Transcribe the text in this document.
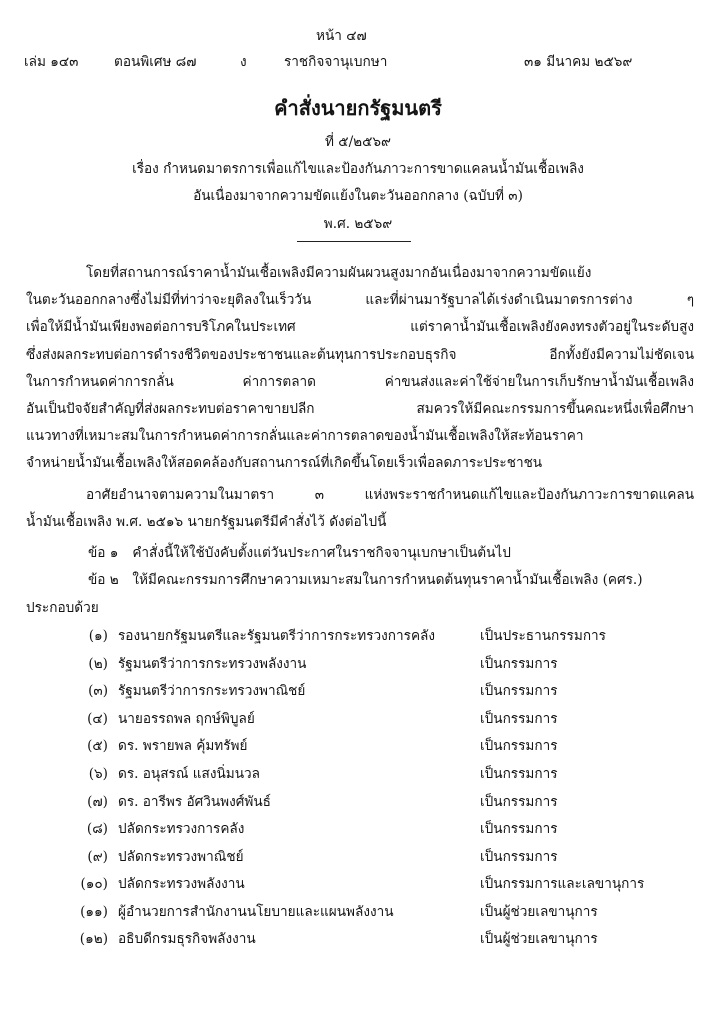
หน้า ๔๗
เล่ม ๑๔๓	ตอนพิเศษ ๘๗	ง	ราชกิจจานุเบกษา	๓๑ มีนาคม ๒๕๖๙
คำสั่งนายกรัฐมนตรี
ที่ ๕/๒๕๖๙
เรื่อง กำหนดมาตรการเพื่อแก้ไขและป้องกันภาวะการขาดแคลนน้ำมันเชื้อเพลิง
อันเนื่องมาจากความขัดแย้งในตะวันออกกลาง (ฉบับที่ ๓)
พ.ศ. ๒๕๖๙
โดยที่สถานการณ์ราคาน้ำมันเชื้อเพลิงมีความผันผวนสูงมากอันเนื่องมาจากความขัดแย้ง
ในตะวันออกกลางซึ่งไม่มีที่ท่าว่าจะยุติลงในเร็ววัน และที่ผ่านมารัฐบาลได้เร่งดำเนินมาตรการต่าง ๆ
เพื่อให้มีน้ำมันเพียงพอต่อการบริโภคในประเทศ แต่ราคาน้ำมันเชื้อเพลิงยังคงทรงตัวอยู่ในระดับสูง
ซึ่งส่งผลกระทบต่อการดำรงชีวิตของประชาชนและต้นทุนการประกอบธุรกิจ อีกทั้งยังมีความไม่ชัดเจน
ในการกำหนดค่าการกลั่น ค่าการตลาด ค่าขนส่งและค่าใช้จ่ายในการเก็บรักษาน้ำมันเชื้อเพลิง
อันเป็นปัจจัยสำคัญที่ส่งผลกระทบต่อราคาขายปลีก สมควรให้มีคณะกรรมการขึ้นคณะหนึ่งเพื่อศึกษา
แนวทางที่เหมาะสมในการกำหนดค่าการกลั่นและค่าการตลาดของน้ำมันเชื้อเพลิงให้สะท้อนราคา
จำหน่ายน้ำมันเชื้อเพลิงให้สอดคล้องกับสถานการณ์ที่เกิดขึ้นโดยเร็วเพื่อลดภาระประชาชน
อาศัยอำนาจตามความในมาตรา ๓ แห่งพระราชกำหนดแก้ไขและป้องกันภาวะการขาดแคลน
น้ำมันเชื้อเพลิง พ.ศ. ๒๕๑๖ นายกรัฐมนตรีมีคำสั่งไว้ ดังต่อไปนี้
ข้อ ๑ คำสั่งนี้ให้ใช้บังคับตั้งแต่วันประกาศในราชกิจจานุเบกษาเป็นต้นไป
ข้อ ๒ ให้มีคณะกรรมการศึกษาความเหมาะสมในการกำหนดต้นทุนราคาน้ำมันเชื้อเพลิง (คศร.)
ประกอบด้วย
(๑) รองนายกรัฐมนตรีและรัฐมนตรีว่าการกระทรวงการคลัง	เป็นประธานกรรมการ
(๒) รัฐมนตรีว่าการกระทรวงพลังงาน	เป็นกรรมการ
(๓) รัฐมนตรีว่าการกระทรวงพาณิชย์	เป็นกรรมการ
(๔) นายอรรถพล ฤกษ์พิบูลย์	เป็นกรรมการ
(๕) ดร. พรายพล คุ้มทรัพย์	เป็นกรรมการ
(๖) ดร. อนุสรณ์ แสงนิ่มนวล	เป็นกรรมการ
(๗) ดร. อารีพร อัศวินพงศ์พันธ์	เป็นกรรมการ
(๘) ปลัดกระทรวงการคลัง	เป็นกรรมการ
(๙) ปลัดกระทรวงพาณิชย์	เป็นกรรมการ
(๑๐) ปลัดกระทรวงพลังงาน	เป็นกรรมการและเลขานุการ
(๑๑) ผู้อำนวยการสำนักงานนโยบายและแผนพลังงาน	เป็นผู้ช่วยเลขานุการ
(๑๒) อธิบดีกรมธุรกิจพลังงาน	เป็นผู้ช่วยเลขานุการ
